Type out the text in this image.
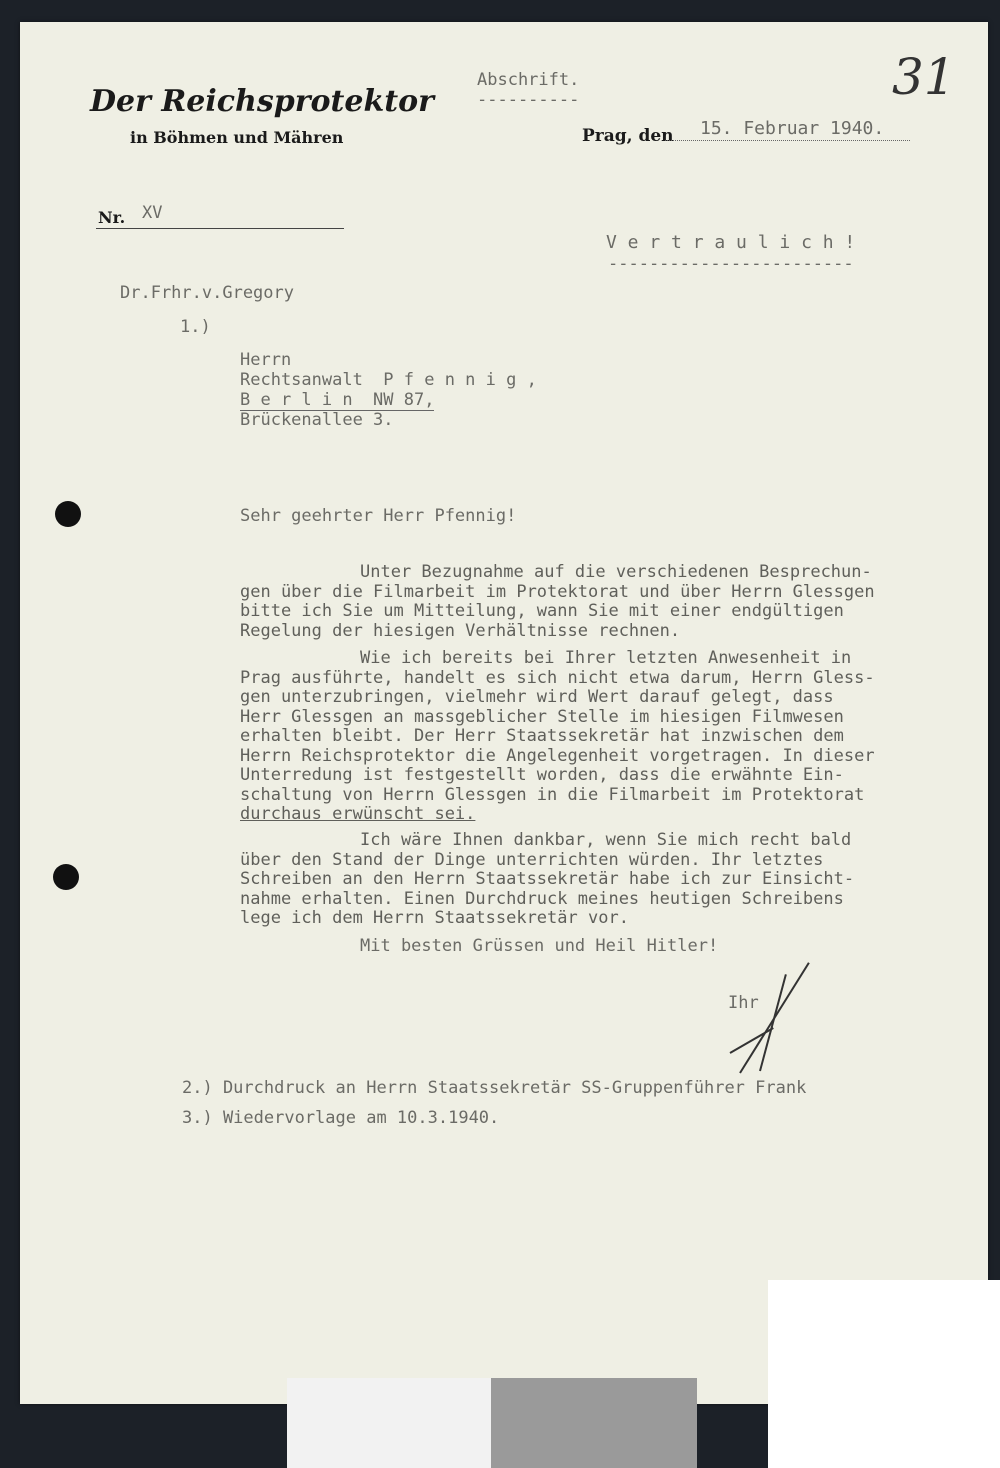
Der Reichsprotektor
in Böhmen und Mähren
Abschrift.
----------	31
Prag, den 15. Februar 1940.
Nr. XV
V e r t r a u l i c h !
------------------------
Dr.Frhr.v.Gregory
1.)
Herrn
Rechtsanwalt  P f e n n i g ,
B e r l i n  NW 87,
Brückenallee 3.
Sehr geehrter Herr Pfennig!
Unter Bezugnahme auf die verschiedenen Besprechun-
gen über die Filmarbeit im Protektorat und über Herrn Glessgen
bitte ich Sie um Mitteilung, wann Sie mit einer endgültigen
Regelung der hiesigen Verhältnisse rechnen.
Wie ich bereits bei Ihrer letzten Anwesenheit in
Prag ausführte, handelt es sich nicht etwa darum, Herrn Gless-
gen unterzubringen, vielmehr wird Wert darauf gelegt, dass
Herr Glessgen an massgeblicher Stelle im hiesigen Filmwesen
erhalten bleibt. Der Herr Staatssekretär hat inzwischen dem
Herrn Reichsprotektor die Angelegenheit vorgetragen. In dieser
Unterredung ist festgestellt worden, dass die erwähnte Ein-
schaltung von Herrn Glessgen in die Filmarbeit im Protektorat
durchaus erwünscht sei.
Ich wäre Ihnen dankbar, wenn Sie mich recht bald
über den Stand der Dinge unterrichten würden. Ihr letztes
Schreiben an den Herrn Staatssekretär habe ich zur Einsicht-
nahme erhalten. Einen Durchdruck meines heutigen Schreibens
lege ich dem Herrn Staatssekretär vor.
Mit besten Grüssen und Heil Hitler!
Ihr
2.) Durchdruck an Herrn Staatssekretär SS-Gruppenführer Frank
3.) Wiedervorlage am 10.3.1940.
